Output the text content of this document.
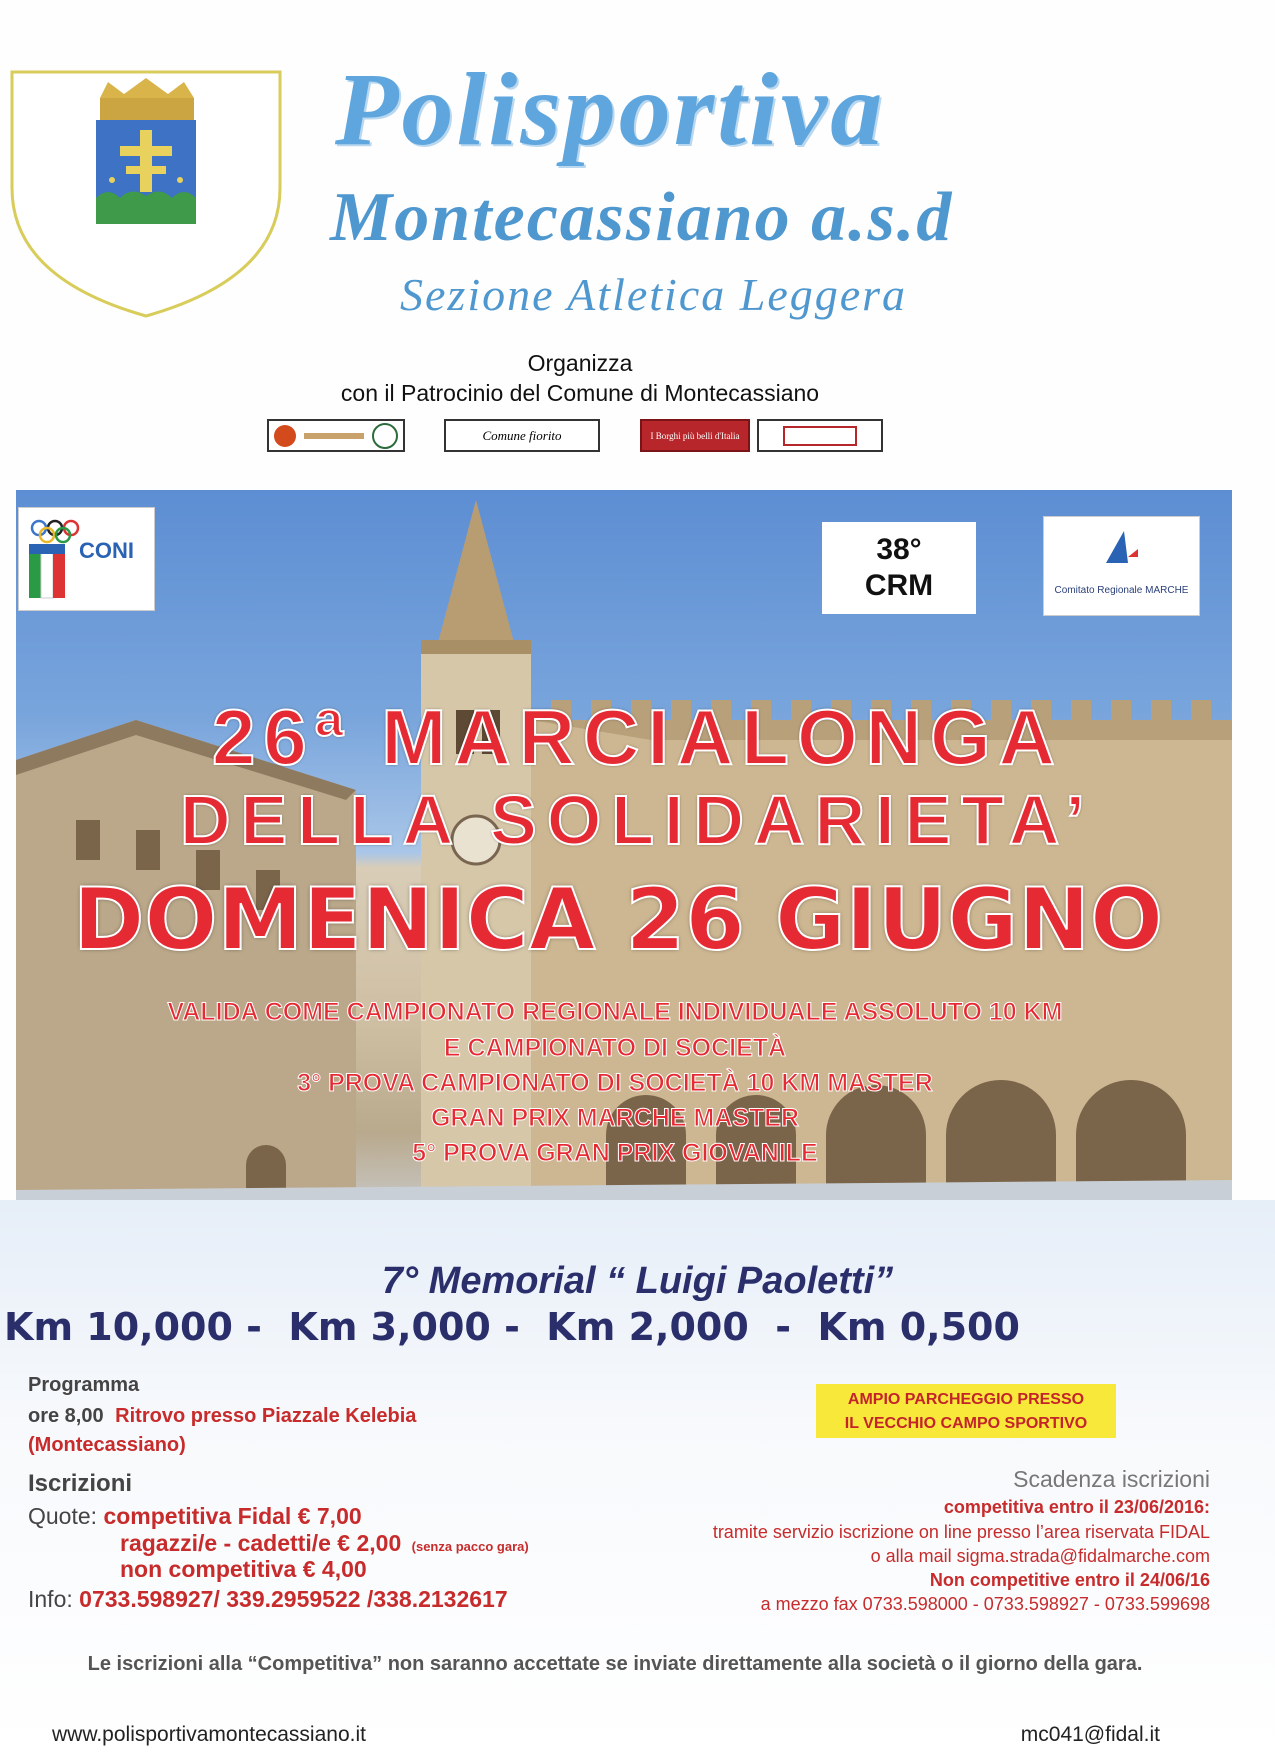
Polisportiva
Montecassiano a.s.d
Sezione Atletica Leggera
Organizza
con il Patrocinio del Comune di Montecassiano
Comune fiorito	I Borghi più belli d'Italia
CONI	38°
CRM	Comitato Regionale MARCHE
26ª MARCIALONGA
DELLA SOLIDARIETA’
DOMENICA 26 GIUGNO
VALIDA COME CAMPIONATO REGIONALE INDIVIDUALE ASSOLUTO 10 KM
E CAMPIONATO DI SOCIETÀ
3° PROVA CAMPIONATO DI SOCIETÀ 10 KM MASTER
GRAN PRIX MARCHE MASTER
5° PROVA GRAN PRIX GIOVANILE
7° Memorial “ Luigi Paoletti”
Km 10,000 -  Km 3,000 -  Km 2,000  -  Km 0,500
Programma
ore 8,00 Ritrovo presso Piazzale Kelebia
(Montecassiano)
AMPIO PARCHEGGIO PRESSO
IL VECCHIO CAMPO SPORTIVO
Iscrizioni
Quote: competitiva Fidal € 7,00
ragazzi/e - cadetti/e € 2,00 (senza pacco gara)
non competitiva € 4,00
Info: 0733.598927/ 339.2959522 /338.2132617
Scadenza iscrizioni
competitiva entro il 23/06/2016:
tramite servizio iscrizione on line presso l’area riservata FIDAL
o alla mail sigma.strada@fidalmarche.com
Non competitive entro il 24/06/16
a mezzo fax 0733.598000 - 0733.598927 - 0733.599698
Le iscrizioni alla “Competitiva” non saranno accettate se inviate direttamente alla società o il giorno della gara.
www.polisportivamontecassiano.it	mc041@fidal.it
